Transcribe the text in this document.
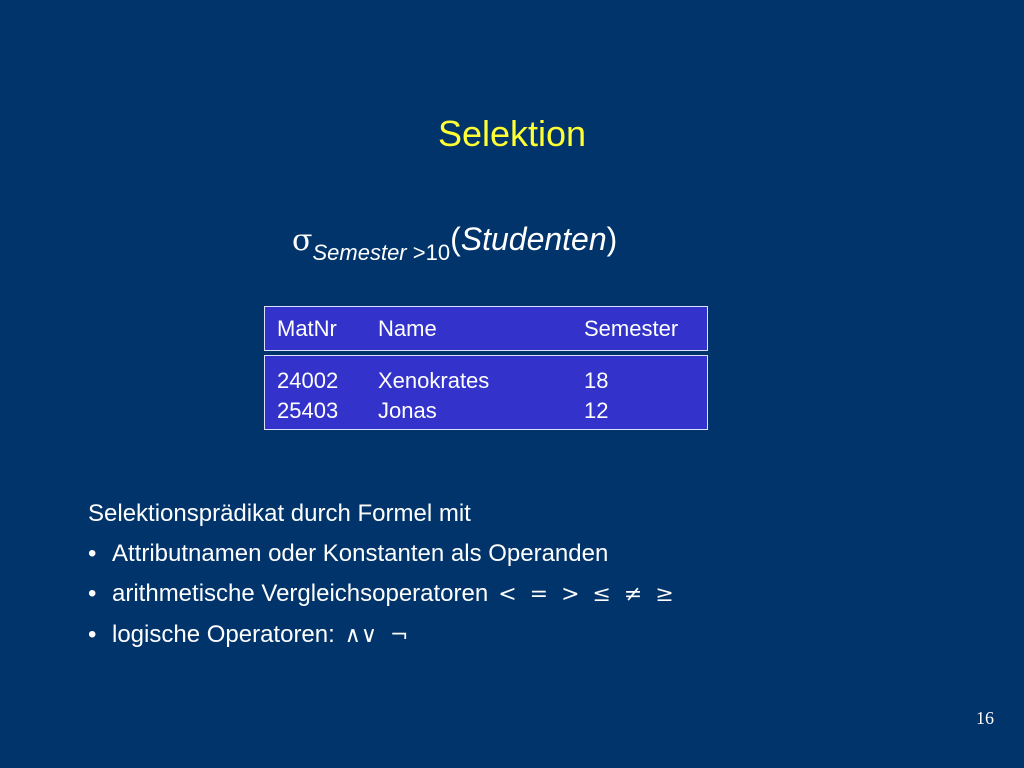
Selektion
$\sigma_{Semester >10}(Studenten)$
MatNr Name	Semester
24002 Xenokrates	18
25403 Jonas	12
Selektionsprädikat durch Formel mit
• Attributnamen oder Konstanten als Operanden
• arithmetische Vergleichsoperatoren < = > ≤ ≠ ≥
• logische Operatoren: ∧∨ ¬
16
